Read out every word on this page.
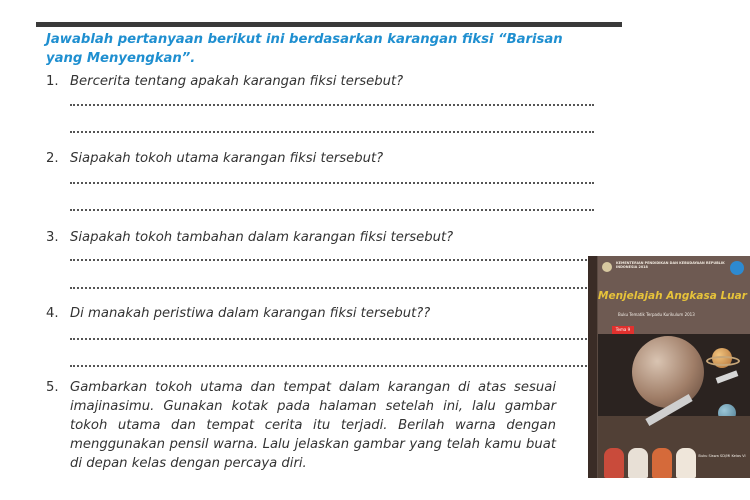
Jawablah pertanyaan berikut ini berdasarkan karangan fiksi “Barisan yang Menyengkan”.
1. Bercerita tentang apakah karangan fiksi tersebut?
2. Siapakah tokoh utama karangan fiksi tersebut?
3. Siapakah tokoh tambahan dalam karangan fiksi tersebut?
4. Di manakah peristiwa dalam karangan fiksi tersebut??
5. Gambarkan tokoh utama dan tempat dalam karangan di atas sesuai imajinasimu. Gunakan kotak pada halaman setelah ini, lalu gambar tokoh utama dan tempat cerita itu terjadi. Berilah warna dengan menggunakan pensil warna. Lalu jelaskan gambar yang telah kamu buat di depan kelas dengan percaya diri.
KEMENTERIAN PENDIDIKAN DAN KEBUDAYAAN REPUBLIK INDONESIA 2018
Menjelajah Angkasa Luar
Buku Tematik Terpadu Kurikulum 2013
Tema 9
Buku Siswa SD/MI Kelas VI
